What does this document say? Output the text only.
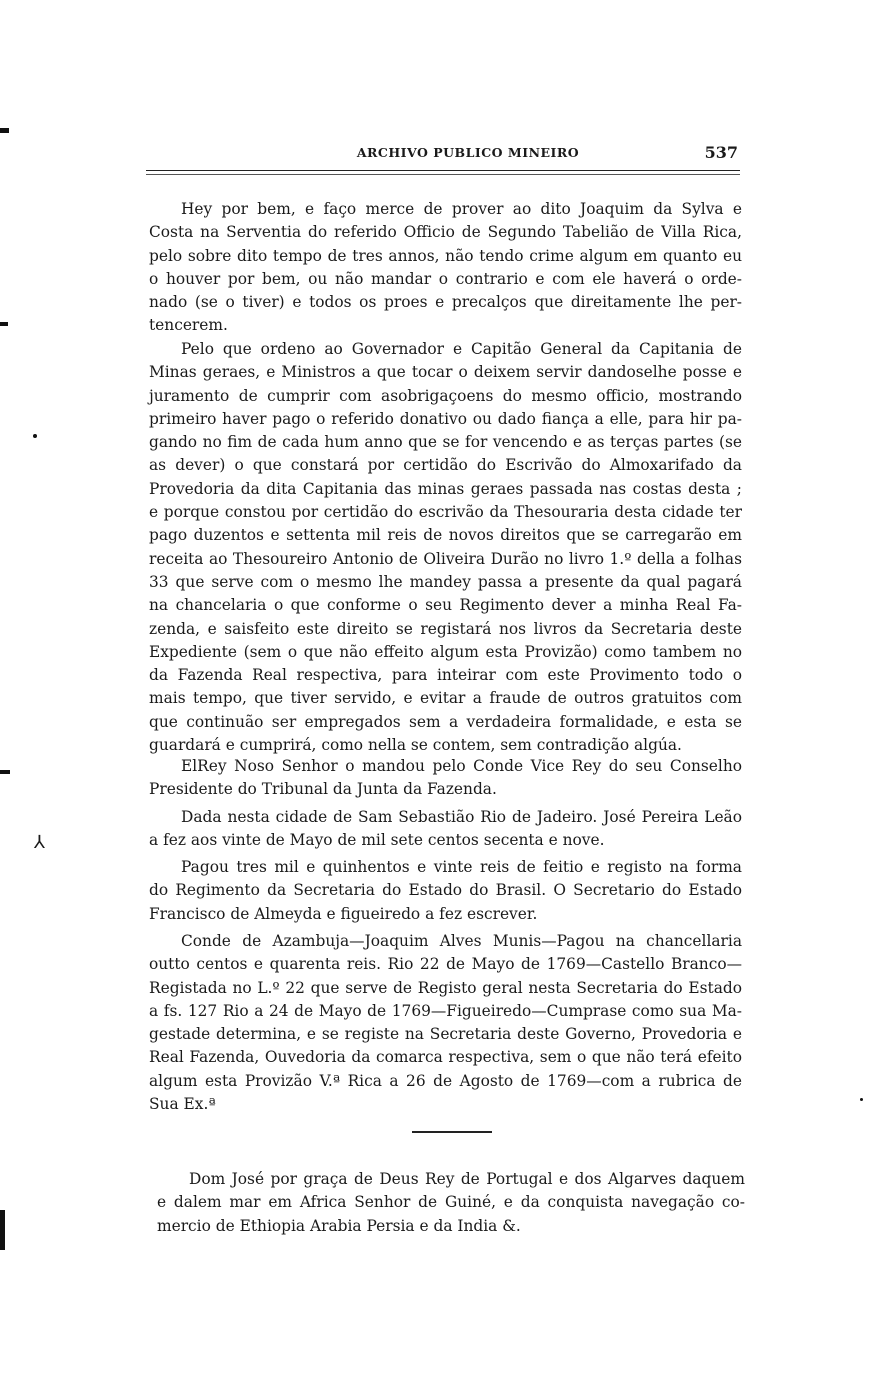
⅄
ARCHIVO PUBLICO MINEIRO	537
Hey por bem, e faço merce de prover ao dito Joaquim da Sylva e
Costa na Serventia do referido Officio de Segundo Tabelião de Villa Rica,
pelo sobre dito tempo de tres annos, não tendo crime algum em quanto eu
o houver por bem, ou não mandar o contrario e com ele haverá o orde-
nado (se o tiver) e todos os proes e precalços que direitamente lhe per-
tencerem.
Pelo que ordeno ao Governador e Capitão General da Capitania de
Minas geraes, e Ministros a que tocar o deixem servir dandoselhe posse e
juramento de cumprir com asobrigaçoens do mesmo officio, mostrando
primeiro haver pago o referido donativo ou dado fiança a elle, para hir pa-
gando no fim de cada hum anno que se for vencendo e as terças partes (se
as dever) o que constará por certidão do Escrivão do Almoxarifado da
Provedoria da dita Capitania das minas geraes passada nas costas desta ;
e porque constou por certidão do escrivão da Thesouraria desta cidade ter
pago duzentos e settenta mil reis de novos direitos que se carregarão em
receita ao Thesoureiro Antonio de Oliveira Durão no livro 1.º della a folhas
33 que serve com o mesmo lhe mandey passa a presente da qual pagará
na chancelaria o que conforme o seu Regimento dever a minha Real Fa-
zenda, e saisfeito este direito se registará nos livros da Secretaria deste
Expediente (sem o que não effeito algum esta Provizão) como tambem no
da Fazenda Real respectiva, para inteirar com este Provimento todo o
mais tempo, que tiver servido, e evitar a fraude de outros gratuitos com
que continuão ser empregados sem a verdadeira formalidade, e esta se
guardará e cumprirá, como nella se contem, sem contradição algúa.
ElRey Noso Senhor o mandou pelo Conde Vice Rey do seu Conselho
Presidente do Tribunal da Junta da Fazenda.
Dada nesta cidade de Sam Sebastião Rio de Jadeiro. José Pereira Leão
a fez aos vinte de Mayo de mil sete centos secenta e nove.
Pagou tres mil e quinhentos e vinte reis de feitio e registo na forma
do Regimento da Secretaria do Estado do Brasil. O Secretario do Estado
Francisco de Almeyda e figueiredo a fez escrever.
Conde de Azambuja—Joaquim Alves Munis—Pagou na chancellaria
outto centos e quarenta reis. Rio 22 de Mayo de 1769—Castello Branco—
Registada no L.º 22 que serve de Registo geral nesta Secretaria do Estado
a fs. 127 Rio a 24 de Mayo de 1769—Figueiredo—Cumprase como sua Ma-
gestade determina, e se registe na Secretaria deste Governo, Provedoria e
Real Fazenda, Ouvedoria da comarca respectiva, sem o que não terá efeito
algum esta Provizão V.ª Rica a 26 de Agosto de 1769—com a rubrica de
Sua Ex.ª
Dom José por graça de Deus Rey de Portugal e dos Algarves daquem
e dalem mar em Africa Senhor de Guiné, e da conquista navegação co-
mercio de Ethiopia Arabia Persia e da India &.
